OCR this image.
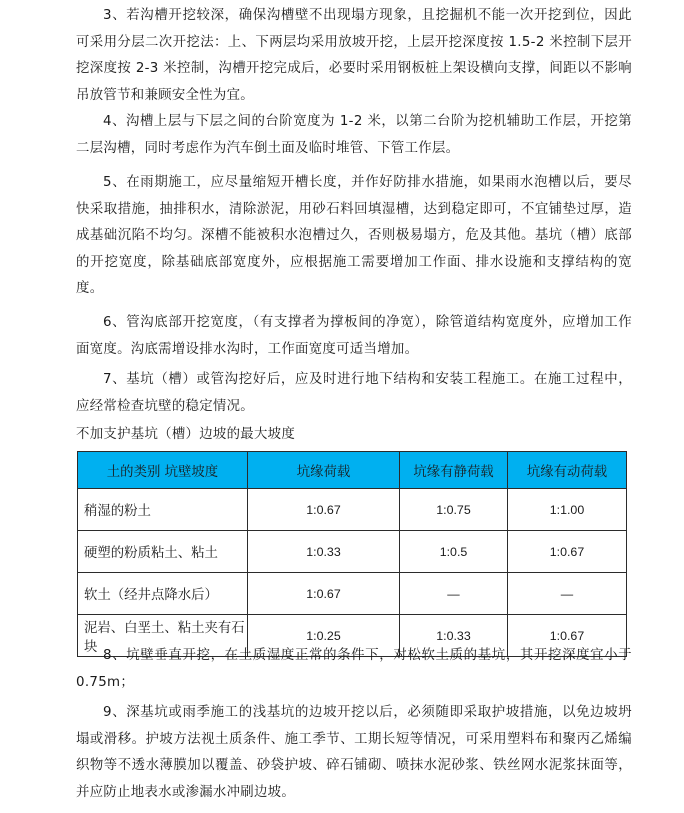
3、若沟槽开挖较深，确保沟槽壁不出现塌方现象，且挖掘机不能一次开挖到位，因此可采用分层二次开挖法：上、下两层均采用放坡开挖，上层开挖深度按 1.5-2 米控制下层开挖深度按 2-3 米控制，沟槽开挖完成后，必要时采用钢板桩上架设横向支撑，间距以不影响吊放管节和兼顾安全性为宜。

4、沟槽上层与下层之间的台阶宽度为 1-2 米，以第二台阶为挖机辅助工作层，开挖第二层沟槽，同时考虑作为汽车倒土面及临时堆管、下管工作层。

5、在雨期施工，应尽量缩短开槽长度，并作好防排水措施，如果雨水泡槽以后，要尽快采取措施，抽排积水，清除淤泥，用砂石料回填湿槽，达到稳定即可，不宜铺垫过厚，造成基础沉陷不均匀。深槽不能被积水泡槽过久，否则极易塌方，危及其他。基坑（槽）底部的开挖宽度，除基础底部宽度外，应根据施工需要增加工作面、排水设施和支撑结构的宽度。

6、管沟底部开挖宽度，（有支撑者为撑板间的净宽），除管道结构宽度外，应增加工作面宽度。沟底需增设排水沟时，工作面宽度可适当增加。

7、基坑（槽）或管沟挖好后，应及时进行地下结构和安装工程施工。在施工过程中，应经常检查坑壁的稳定情况。

不加支护基坑（槽）边坡的最大坡度

土的类别 坑壁坡度	坑缘荷载	坑缘有静荷载	坑缘有动荷载
稍湿的粉土	1:0.67	1:0.75	1:1.00
硬塑的粉质粘土、粘土	1:0.33	1:0.5	1:0.67
软土（经井点降水后）	1:0.67	—	—
泥岩、白垩土、粘土夹有石块	1:0.25	1:0.33	1:0.67

8、坑壁垂直开挖，在土质湿度正常的条件下，对松软土质的基坑，其开挖深度宜小于 0.75m；

9、深基坑或雨季施工的浅基坑的边坡开挖以后，必须随即采取护坡措施，以免边坡坍塌或滑移。护坡方法视土质条件、施工季节、工期长短等情况，可采用塑料布和聚丙乙烯编织物等不透水薄膜加以覆盖、砂袋护坡、碎石铺砌、喷抹水泥砂浆、铁丝网水泥浆抹面等，并应防止地表水或渗漏水冲刷边坡。
